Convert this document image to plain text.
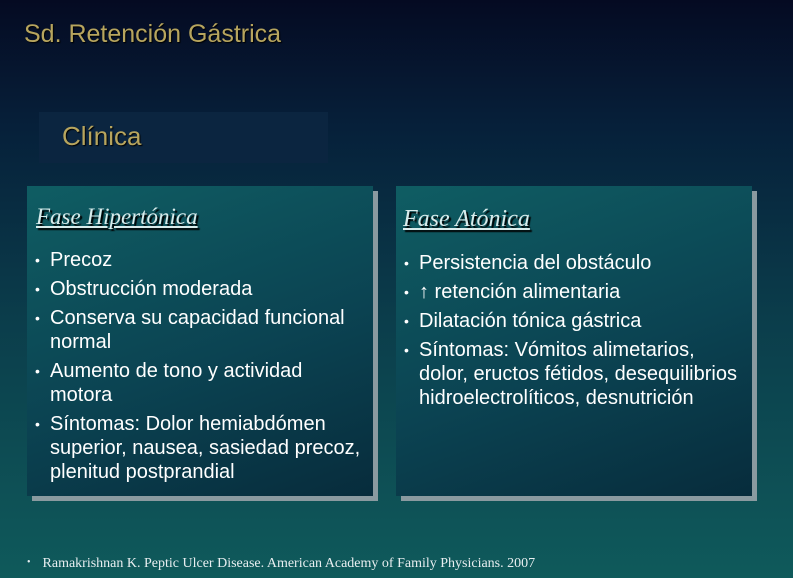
Sd. Retención Gástrica
Clínica
Fase Hipertónica
• Precoz
• Obstrucción moderada
• Conserva su capacidad funcional normal
• Aumento de tono y actividad motora
• Síntomas: Dolor hemiabdómen superior, nausea, sasiedad precoz, plenitud postprandial
Fase Atónica
• Persistencia del obstáculo
• ↑ retención alimentaria
• Dilatación tónica gástrica
• Síntomas: Vómitos alimetarios, dolor, eructos fétidos, desequilibrios hidroelectrolíticos, desnutrición
• Ramakrishnan K. Peptic Ulcer Disease. American Academy of Family Physicians. 2007
